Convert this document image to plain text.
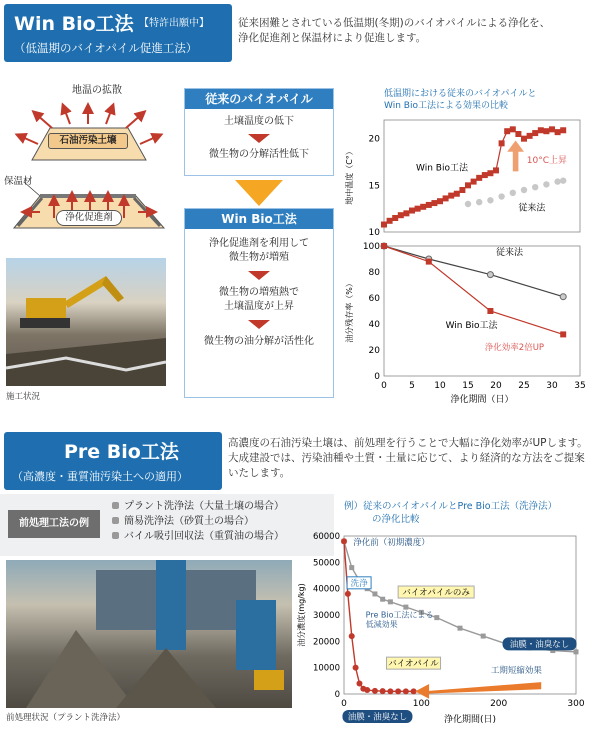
Win Bio工法 【特許出願中】
（低温期のバイオパイル促進工法）
従来困難とされている低温期(冬期)のバイオパイルによる浄化を、
浄化促進剤と保温材により促進します。
地温の拡散
石油汚染土壌
保温材
浄化促進剤
施工状況
従来のバイオパイル
土壌温度の低下
微生物の分解活性低下
Win Bio工法
浄化促進剤を利用して
微生物が増殖
微生物の増殖熱で
土壌温度が上昇
微生物の油分解が活性化
低温期における従来のバイオパイルと
Win Bio工法による効果の比較
10
15
20
地中温度（C°）	Win Bio工法
従来法
10°C上昇
0
20
40
60
80
100
0 5 10 15 20 25 30 35
浄化期間（日）
油分残存率（%）
従来法
Win Bio工法
浄化効率2倍UP
Pre Bio工法
（高濃度・重質油汚染土への適用）
高濃度の石油汚染土壌は、前処理を行うことで大幅に浄化効率がUPします。
大成建設では、汚染油種や土質・土量に応じて、より経済的な方法をご提案
いたします。
前処理工法の例
プラント洗浄法（大量土壌の場合）
簡易洗浄法（砂質土の場合）
バイル吸引回収法（重質油の場合）
前処理状況（プラント洗浄法）
例）従来のバイオパイルとPre Bio工法（洗浄法）
の浄化比較
0
10000
20000
30000
40000
50000
60000
0	100	200	300
浄化期間(日)
油分濃度(mg/kg)
浄化前（初期濃度）
洗浄
バイオパイルのみ
Pre Bio工法による
低減効果
バイオパイル
油膜・油臭なし
工期短縮効果
油膜・油臭なし
